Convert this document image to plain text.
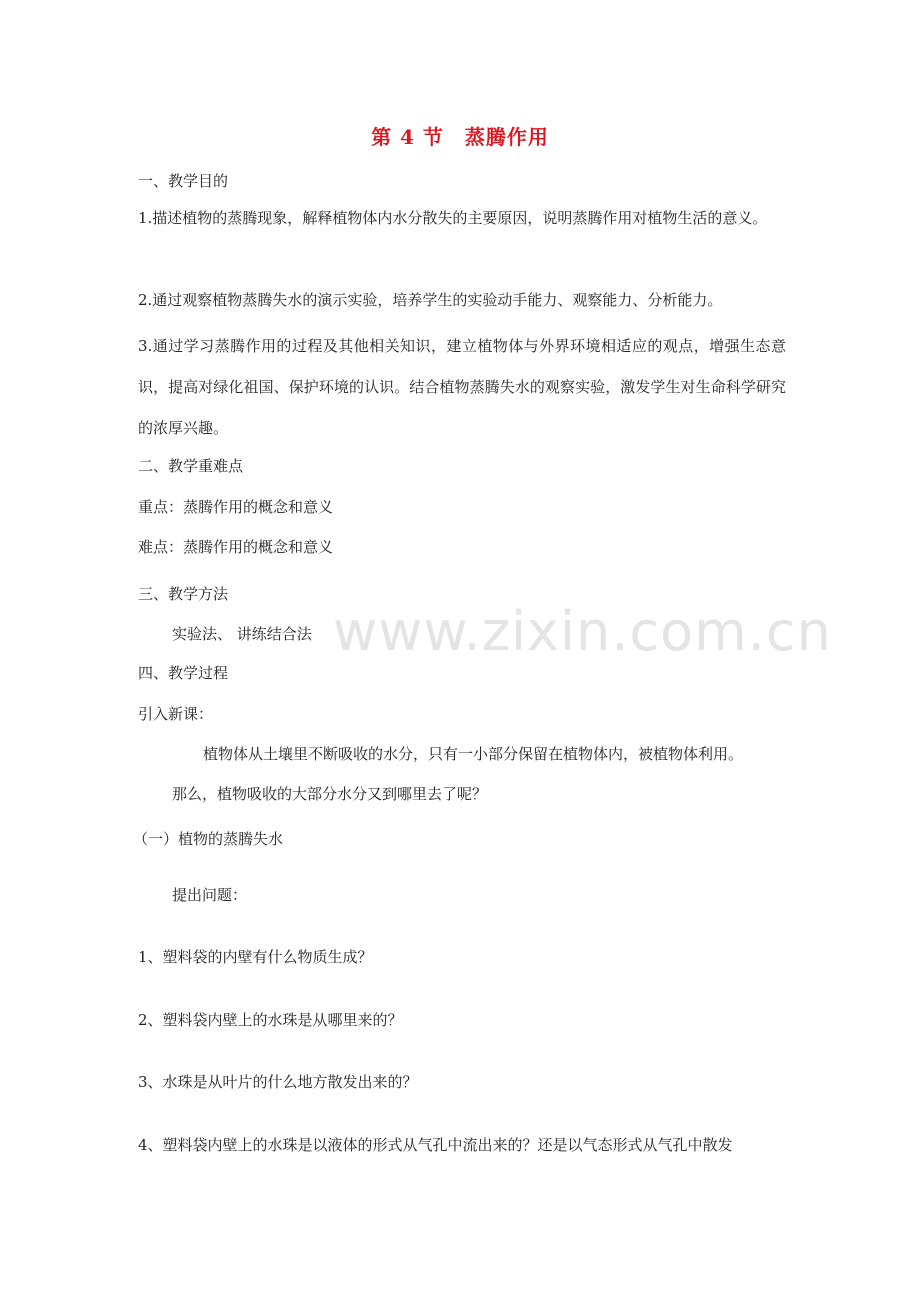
www.zixin.com.cn
第 4 节　蒸腾作用
一、教学目的
1.描述植物的蒸腾现象，解释植物体内水分散失的主要原因，说明蒸腾作用对植物生活的意义。
2.通过观察植物蒸腾失水的演示实验，培养学生的实验动手能力、观察能力、分析能力。
3.通过学习蒸腾作用的过程及其他相关知识，建立植物体与外界环境相适应的观点，增强生态意识，提高对绿化祖国、保护环境的认识。结合植物蒸腾失水的观察实验，激发学生对生命科学研究的浓厚兴趣。
二、教学重难点
重点：蒸腾作用的概念和意义
难点：蒸腾作用的概念和意义
三、教学方法
实验法、 讲练结合法
四、教学过程
引入新课：
植物体从土壤里不断吸收的水分，只有一小部分保留在植物体内，被植物体利用。
那么，植物吸收的大部分水分又到哪里去了呢？
（一）植物的蒸腾失水
提出问题：
1、塑料袋的内壁有什么物质生成？
2、塑料袋内壁上的水珠是从哪里来的？
3、水珠是从叶片的什么地方散发出来的？
4、塑料袋内壁上的水珠是以液体的形式从气孔中流出来的？还是以气态形式从气孔中散发
